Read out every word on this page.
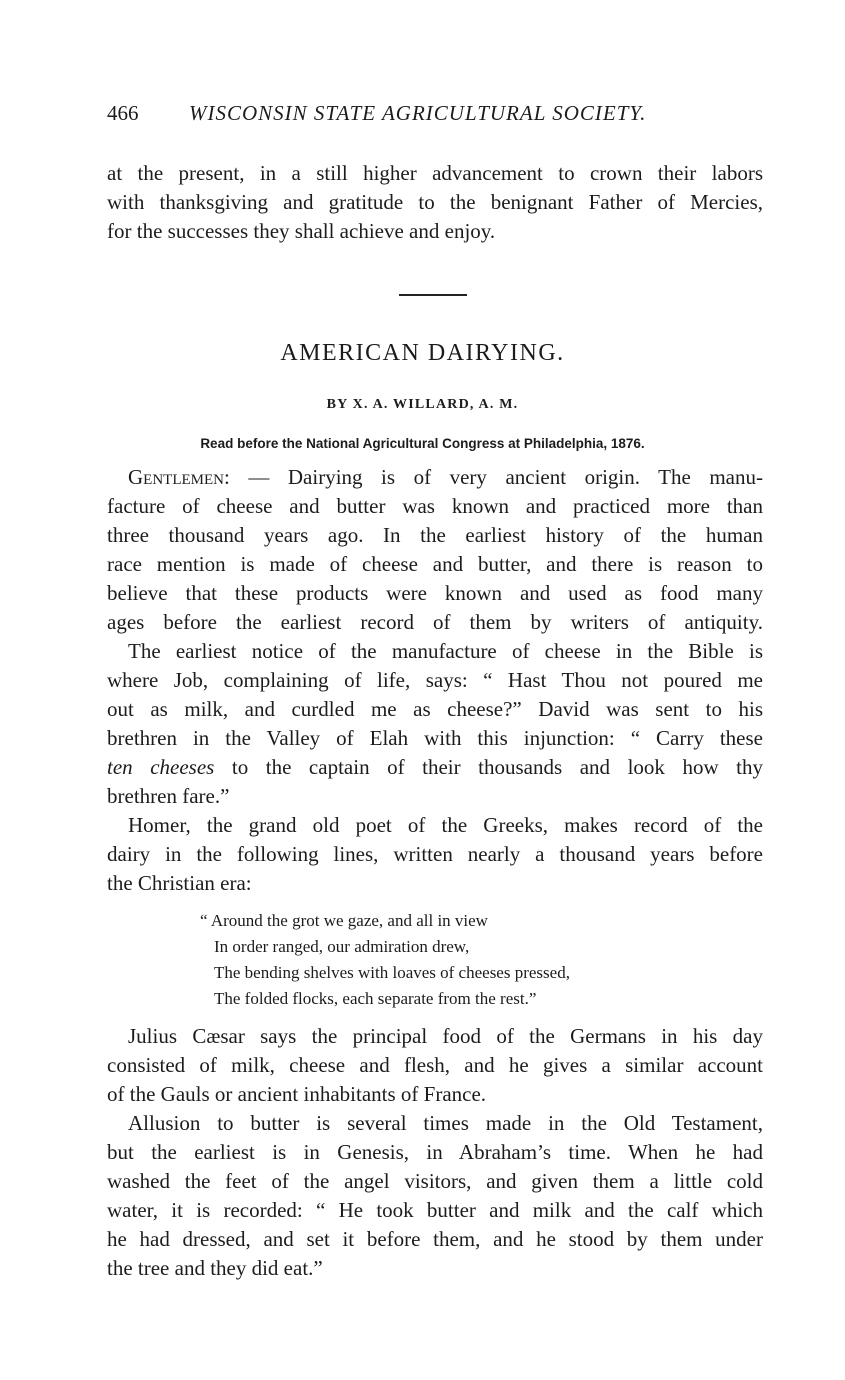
466 WISCONSIN STATE AGRICULTURAL SOCIETY.
at the present, in a still higher advancement to crown their labors
with thanksgiving and gratitude to the benignant Father of Mercies,
for the successes they shall achieve and enjoy.
AMERICAN DAIRYING.
BY X. A. WILLARD, A. M.
Read before the National Agricultural Congress at Philadelphia, 1876.
Gentlemen: — Dairying is of very ancient origin. The manu-
facture of cheese and butter was known and practiced more than
three thousand years ago. In the earliest history of the human
race mention is made of cheese and butter, and there is reason to
believe that these products were known and used as food many
ages before the earliest record of them by writers of antiquity.
The earliest notice of the manufacture of cheese in the Bible is
where Job, complaining of life, says: “ Hast Thou not poured me
out as milk, and curdled me as cheese?” David was sent to his
brethren in the Valley of Elah with this injunction: “ Carry these
ten cheeses to the captain of their thousands and look how thy
brethren fare.”
Homer, the grand old poet of the Greeks, makes record of the
dairy in the following lines, written nearly a thousand years before
the Christian era:
“ Around the grot we gaze, and all in view
In order ranged, our admiration drew,
The bending shelves with loaves of cheeses pressed,
The folded flocks, each separate from the rest.”
Julius Cæsar says the principal food of the Germans in his day
consisted of milk, cheese and flesh, and he gives a similar account
of the Gauls or ancient inhabitants of France.
Allusion to butter is several times made in the Old Testament,
but the earliest is in Genesis, in Abraham’s time. When he had
washed the feet of the angel visitors, and given them a little cold
water, it is recorded: “ He took butter and milk and the calf which
he had dressed, and set it before them, and he stood by them under
the tree and they did eat.”
